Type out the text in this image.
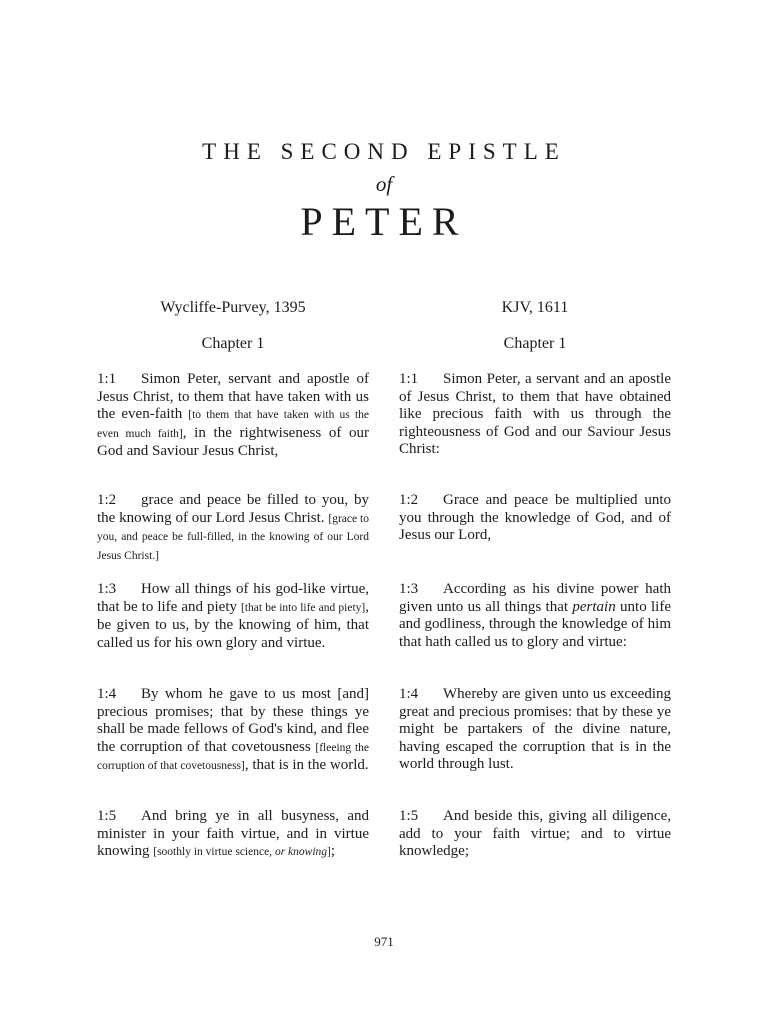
THE SECOND EPISTLE
of
PETER
Wycliffe-Purvey, 1395
Chapter 1
1:1 Simon Peter, servant and apostle of Jesus Christ, to them that have taken with us the even-faith [to them that have taken with us the even much faith], in the rightwiseness of our God and Saviour Jesus Christ,
1:2 grace and peace be filled to you, by the knowing of our Lord Jesus Christ. [grace to you, and peace be full-filled, in the knowing of our Lord Jesus Christ.]
1:3 How all things of his god-like virtue, that be to life and piety [that be into life and piety], be given to us, by the knowing of him, that called us for his own glory and virtue.
1:4 By whom he gave to us most [and] precious promises; that by these things ye shall be made fellows of God's kind, and flee the corruption of that covetousness [fleeing the corruption of that covetousness], that is in the world.
1:5 And bring ye in all busyness, and minister in your faith virtue, and in virtue knowing [soothly in virtue science, or knowing];
KJV, 1611
Chapter 1
1:1 Simon Peter, a servant and an apostle of Jesus Christ, to them that have obtained like precious faith with us through the righteousness of God and our Saviour Jesus Christ:
1:2 Grace and peace be multiplied unto you through the knowledge of God, and of Jesus our Lord,
1:3 According as his divine power hath given unto us all things that pertain unto life and godliness, through the knowledge of him that hath called us to glory and virtue:
1:4 Whereby are given unto us exceeding great and precious promises: that by these ye might be partakers of the divine nature, having escaped the corruption that is in the world through lust.
1:5 And beside this, giving all diligence, add to your faith virtue; and to virtue knowledge;
971
